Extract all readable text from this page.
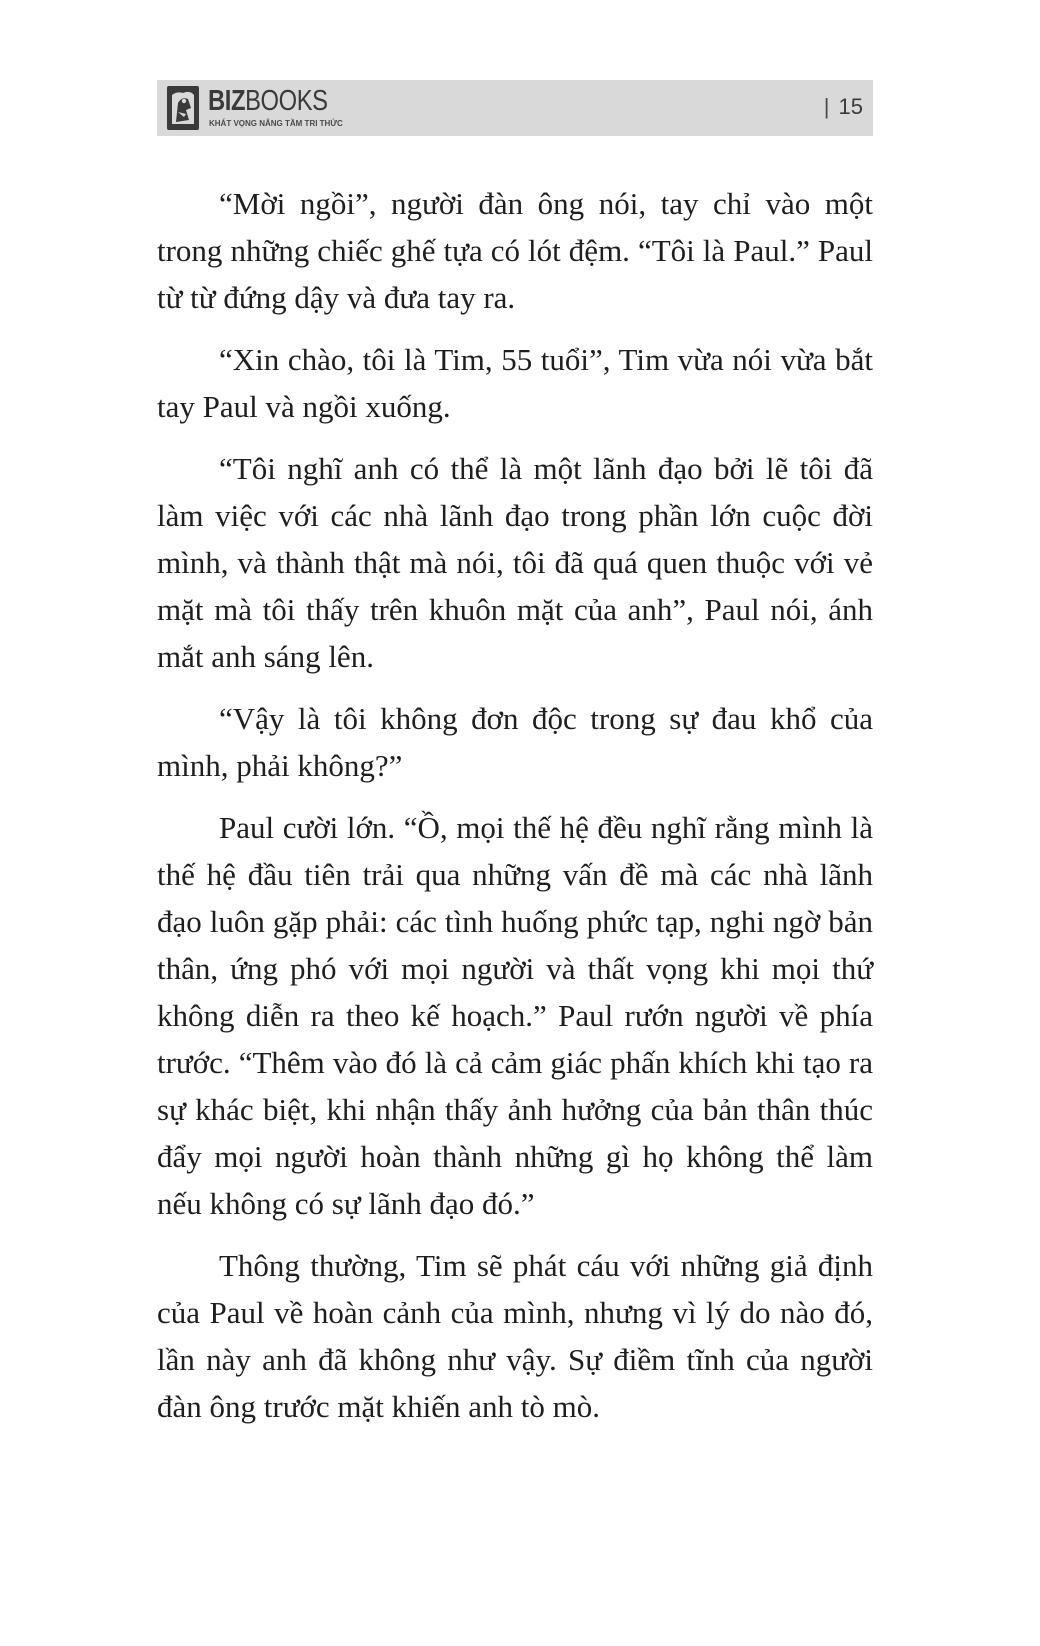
BIZBOOKS
KHÁT VỌNG NÂNG TẦM TRI THỨC
| 15

“Mời ngồi”, người đàn ông nói, tay chỉ vào một trong những chiếc ghế tựa có lót đệm. “Tôi là Paul.” Paul từ từ đứng dậy và đưa tay ra.

“Xin chào, tôi là Tim, 55 tuổi”, Tim vừa nói vừa bắt tay Paul và ngồi xuống.

“Tôi nghĩ anh có thể là một lãnh đạo bởi lẽ tôi đã làm việc với các nhà lãnh đạo trong phần lớn cuộc đời mình, và thành thật mà nói, tôi đã quá quen thuộc với vẻ mặt mà tôi thấy trên khuôn mặt của anh”, Paul nói, ánh mắt anh sáng lên.

“Vậy là tôi không đơn độc trong sự đau khổ của mình, phải không?”

Paul cười lớn. “Ồ, mọi thế hệ đều nghĩ rằng mình là thế hệ đầu tiên trải qua những vấn đề mà các nhà lãnh đạo luôn gặp phải: các tình huống phức tạp, nghi ngờ bản thân, ứng phó với mọi người và thất vọng khi mọi thứ không diễn ra theo kế hoạch.” Paul rướn người về phía trước. “Thêm vào đó là cả cảm giác phấn khích khi tạo ra sự khác biệt, khi nhận thấy ảnh hưởng của bản thân thúc đẩy mọi người hoàn thành những gì họ không thể làm nếu không có sự lãnh đạo đó.”

Thông thường, Tim sẽ phát cáu với những giả định của Paul về hoàn cảnh của mình, nhưng vì lý do nào đó, lần này anh đã không như vậy. Sự điềm tĩnh của người đàn ông trước mặt khiến anh tò mò.
